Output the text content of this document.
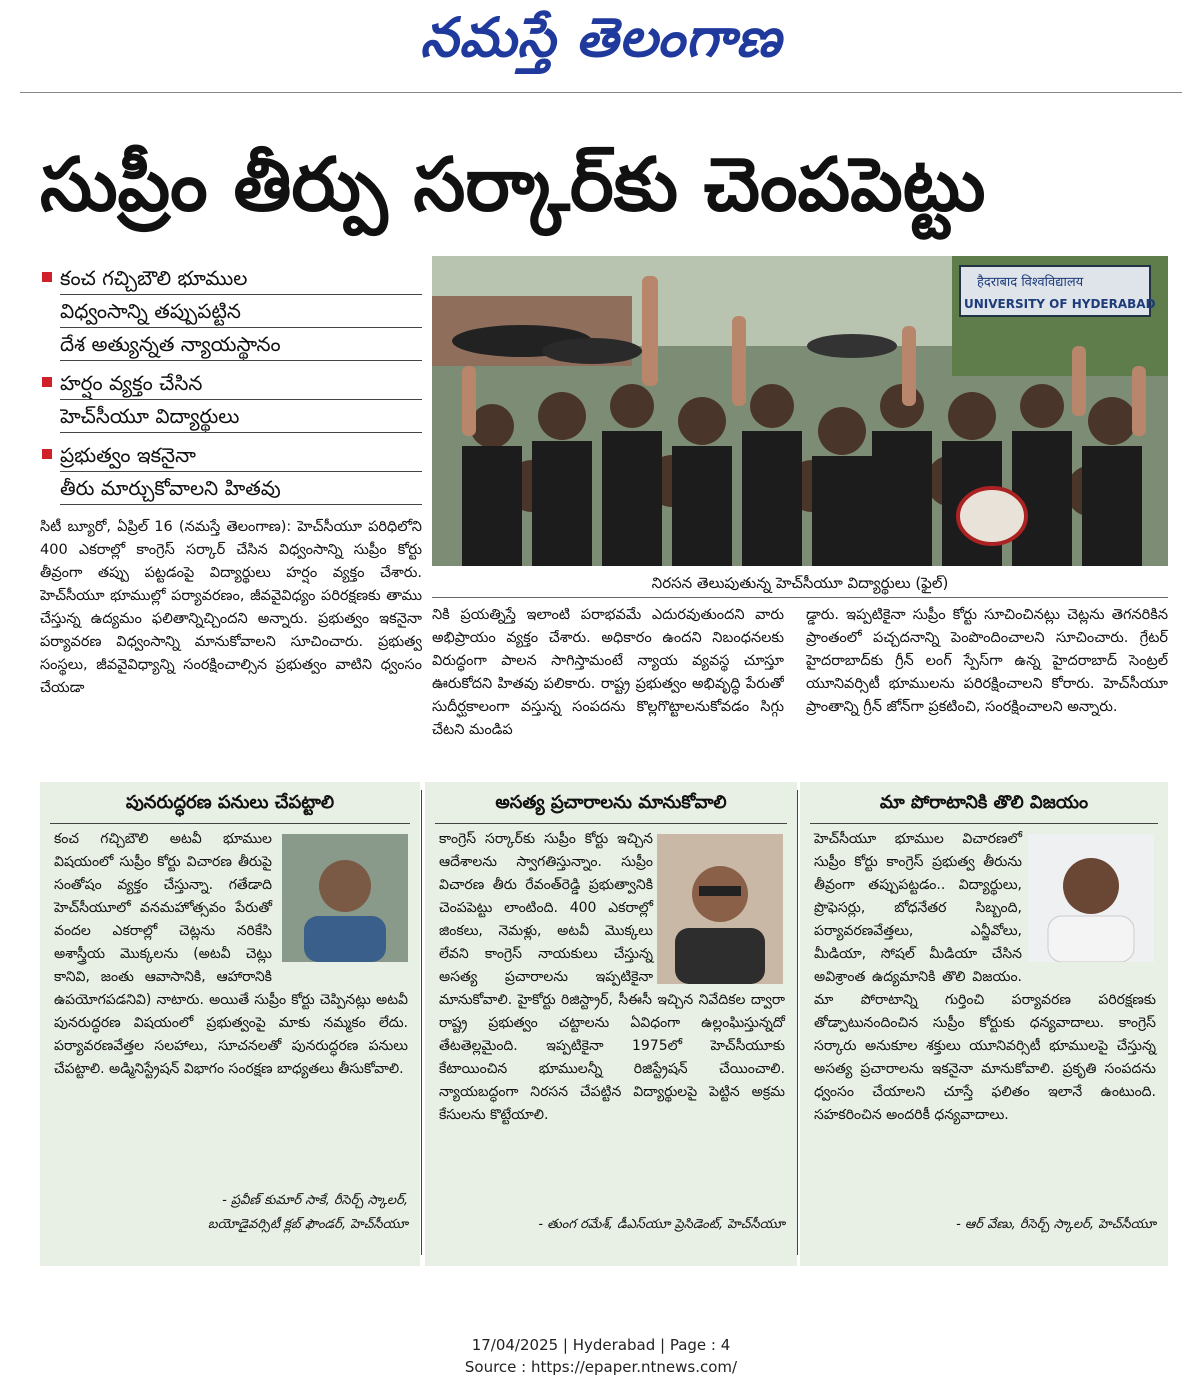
నమస్తే తెలంగాణ
సుప్రీం తీర్పు సర్కార్‌కు చెంపపెట్టు
కంచ గచ్చిబౌలి భూముల
విధ్వంసాన్ని తప్పుపట్టిన
దేశ అత్యున్నత న్యాయస్థానం
హర్షం వ్యక్తం చేసిన
హెచ్‌సీయూ విద్యార్థులు
ప్రభుత్వం ఇకనైనా
తీరు మార్చుకోవాలని హితవు
हैदराबाद विश्वविद्यालय
UNIVERSITY OF HYDERABAD
నిరసన తెలుపుతున్న హెచ్‌సీయూ విద్యార్థులు (ఫైల్)
సిటీ బ్యూరో, ఏప్రిల్ 16 (నమస్తే తెలంగాణ): హెచ్‌సీయూ పరిధిలోని 400 ఎకరాల్లో కాంగ్రెస్ సర్కార్ చేసిన విధ్వంసాన్ని సుప్రీం కోర్టు తీవ్రంగా తప్పు పట్టడంపై విద్యార్థులు హర్షం వ్యక్తం చేశారు. హెచ్‌సీయూ భూముల్లో పర్యావరణం, జీవవైవిధ్యం పరిరక్షణకు తాము చేస్తున్న ఉద్యమం ఫలితాన్నిచ్చిందని అన్నారు. ప్రభుత్వం ఇకనైనా పర్యావరణ విధ్వంసాన్ని మానుకోవాలని సూచించారు. ప్రభుత్వ సంస్థలు, జీవవైవిధ్యాన్ని సంరక్షించాల్సిన ప్రభుత్వం వాటిని ధ్వంసం చేయడా
నికి ప్రయత్నిస్తే ఇలాంటి పరాభవమే ఎదురవుతుందని వారు అభిప్రాయం వ్యక్తం చేశారు. అధికారం ఉందని నిబంధనలకు విరుద్ధంగా పాలన సాగిస్తామంటే న్యాయ వ్యవస్థ చూస్తూ ఊరుకోదని హితవు పలికారు. రాష్ట్ర ప్రభుత్వం అభివృద్ధి పేరుతో సుదీర్ఘకాలంగా వస్తున్న సంపదను కొల్లగొట్టాలనుకోవడం సిగ్గు చేటని మండిప
డ్డారు. ఇప్పటికైనా సుప్రీం కోర్టు సూచించినట్లు చెట్లను తెగనరికిన ప్రాంతంలో పచ్చదనాన్ని పెంపొందించాలని సూచించారు. గ్రేటర్ హైదరాబాద్‌కు గ్రీన్ లంగ్ స్పేస్‌గా ఉన్న హైదరాబాద్ సెంట్రల్ యూనివర్సిటీ భూములను పరిరక్షించాలని కోరారు. హెచ్‌సీయూ ప్రాంతాన్ని గ్రీన్ జోన్‌గా ప్రకటించి, సంరక్షించాలని అన్నారు.
పునరుద్ధరణ పనులు చేపట్టాలి
కంచ గచ్చిబౌలి అటవీ భూముల విషయంలో సుప్రీం కోర్టు విచారణ తీరుపై సంతోషం వ్యక్తం చేస్తున్నా. గతేడాది హెచ్‌సీయూలో వనమహోత్సవం పేరుతో వందల ఎకరాల్లో చెట్లను నరికేసి అశాస్త్రీయ మొక్కలను (అటవీ చెట్లు కానివి, జంతు ఆవాసానికి, ఆహారానికి ఉపయోగపడనివి) నాటారు. అయితే సుప్రీం కోర్టు చెప్పినట్లు అటవీ పునరుద్ధరణ విషయంలో ప్రభుత్వంపై మాకు నమ్మకం లేదు. పర్యావరణవేత్తల సలహాలు, సూచనలతో పునరుద్ధరణ పనులు చేపట్టాలి. అడ్మినిస్ట్రేషన్ విభాగం సంరక్షణ బాధ్యతలు తీసుకోవాలి.
- ప్రవీణ్ కుమార్ సాకే, రీసెర్చ్ స్కాలర్,
బయోడైవర్సిటీ క్లబ్ ఫౌండర్, హెచ్‌సీయూ
అసత్య ప్రచారాలను మానుకోవాలి
కాంగ్రెస్ సర్కార్‌కు సుప్రీం కోర్టు ఇచ్చిన ఆదేశాలను స్వాగతిస్తున్నాం. సుప్రీం విచారణ తీరు రేవంత్‌రెడ్డి ప్రభుత్వానికి చెంపపెట్టు లాంటింది. 400 ఎకరాల్లో జింకలు, నెమళ్లు, అటవీ మొక్కలు లేవని కాంగ్రెస్ నాయకులు చేస్తున్న అసత్య ప్రచారాలను ఇప్పటికైనా మానుకోవాలి. హైకోర్టు రిజిస్ట్రార్, సీఈసీ ఇచ్చిన నివేదికల ద్వారా రాష్ట్ర ప్రభుత్వం చట్టాలను ఏవిధంగా ఉల్లంఘిస్తున్నదో తేటతెల్లమైంది. ఇప్పటికైనా 1975లో హెచ్‌సీయూకు కేటాయించిన భూములన్నీ రిజిస్ట్రేషన్ చేయించాలి. న్యాయబద్ధంగా నిరసన చేపట్టిన విద్యార్థులపై పెట్టిన అక్రమ కేసులను కొట్టేయాలి.
- తుంగ రమేశ్, డీఎస్‌యూ ప్రెసిడెంట్, హెచ్‌సీయూ
మా పోరాటానికి తొలి విజయం
హెచ్‌సీయూ భూముల విచారణలో సుప్రీం కోర్టు కాంగ్రెస్ ప్రభుత్వ తీరును తీవ్రంగా తప్పుపట్టడం.. విద్యార్థులు, ప్రొఫెసర్లు, బోధనేతర సిబ్బంది, పర్యావరణవేత్తలు, ఎన్జీవోలు, మీడియా, సోషల్ మీడియా చేసిన అవిశ్రాంత ఉద్యమానికి తొలి విజయం. మా పోరాటాన్ని గుర్తించి పర్యావరణ పరిరక్షణకు తోడ్పాటునందించిన సుప్రీం కోర్టుకు ధన్యవాదాలు. కాంగ్రెస్ సర్కారు అనుకూల శక్తులు యూనివర్సిటీ భూములపై చేస్తున్న అసత్య ప్రచారాలను ఇకనైనా మానుకోవాలి. ప్రకృతి సంపదను ధ్వంసం చేయాలని చూస్తే ఫలితం ఇలానే ఉంటుంది. సహకరించిన అందరికీ ధన్యవాదాలు.
- ఆర్ వేణు, రీసెర్చ్ స్కాలర్, హెచ్‌సీయూ
17/04/2025 | Hyderabad | Page : 4
Source : https://epaper.ntnews.com/
